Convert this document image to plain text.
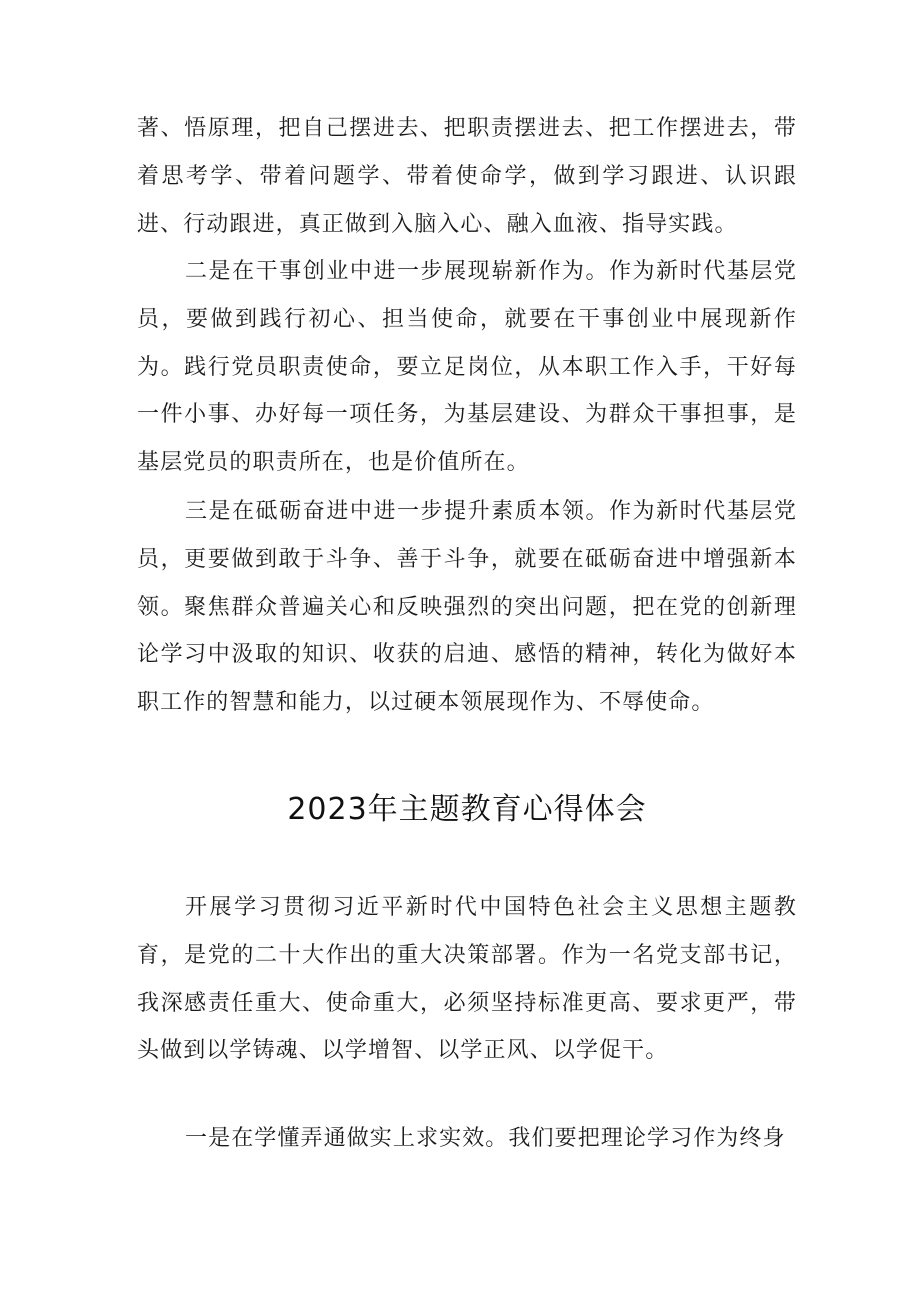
著、悟原理，把自己摆进去、把职责摆进去、把工作摆进去，带着思考学、带着问题学、带着使命学，做到学习跟进、认识跟进、行动跟进，真正做到入脑入心、融入血液、指导实践。

二是在干事创业中进一步展现崭新作为。作为新时代基层党员，要做到践行初心、担当使命，就要在干事创业中展现新作为。践行党员职责使命，要立足岗位，从本职工作入手，干好每一件小事、办好每一项任务，为基层建设、为群众干事担事，是基层党员的职责所在，也是价值所在。

三是在砥砺奋进中进一步提升素质本领。作为新时代基层党员，更要做到敢于斗争、善于斗争，就要在砥砺奋进中增强新本领。聚焦群众普遍关心和反映强烈的突出问题，把在党的创新理论学习中汲取的知识、收获的启迪、感悟的精神，转化为做好本职工作的智慧和能力，以过硬本领展现作为、不辱使命。

2023年主题教育心得体会

开展学习贯彻习近平新时代中国特色社会主义思想主题教育，是党的二十大作出的重大决策部署。作为一名党支部书记，我深感责任重大、使命重大，必须坚持标准更高、要求更严，带头做到以学铸魂、以学增智、以学正风、以学促干。

一是在学懂弄通做实上求实效。我们要把理论学习作为终身
